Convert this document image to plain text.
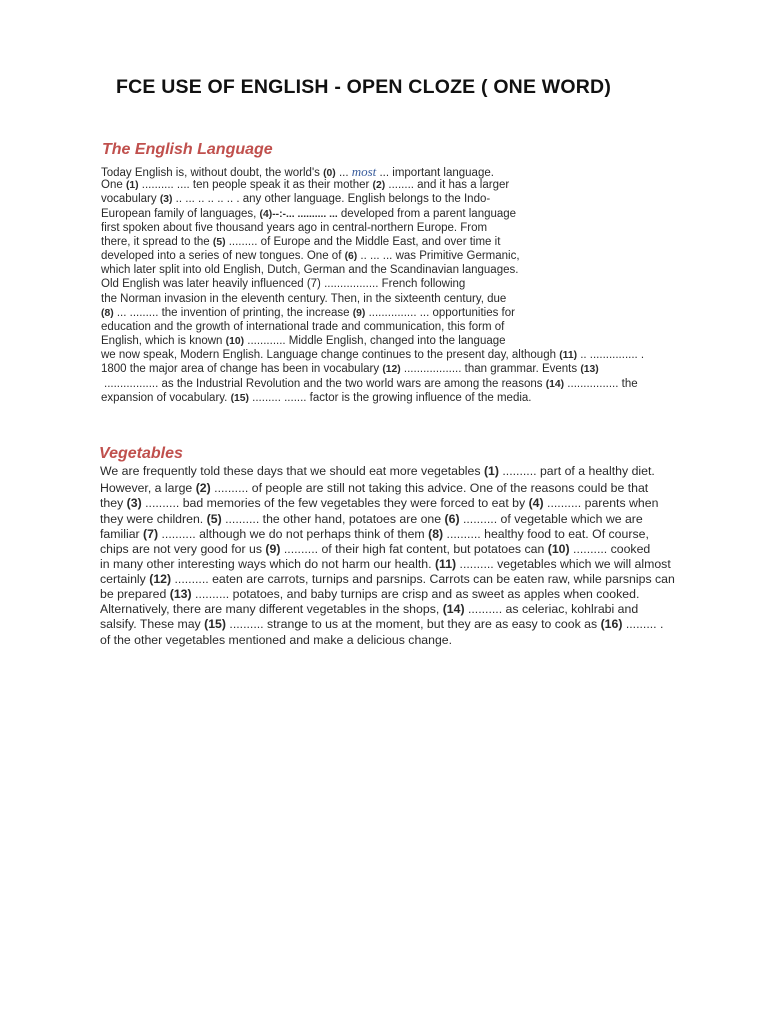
FCE USE OF ENGLISH - OPEN CLOZE ( ONE WORD)
The English Language
Today English is, without doubt, the world's (0) ... most ... important language.
One (1) .......... .... ten people speak it as their mother (2) ........ and it has a larger
vocabulary (3) .. ... .. .. .. .. . any other language. English belongs to the Indo-
European family of languages, (4)--:-... .......... ... developed from a parent language
first spoken about five thousand years ago in central-northern Europe. From
there, it spread to the (5) ......... of Europe and the Middle East, and over time it
developed into a series of new tongues. One of (6) .. ... ... was Primitive Germanic,
which later split into old English, Dutch, German and the Scandinavian languages.
Old English was later heavily influenced (7) ................. French following
the Norman invasion in the eleventh century. Then, in the sixteenth century, due
(8) ... ......... the invention of printing, the increase (9) ............... ... opportunities for
education and the growth of international trade and communication, this form of
English, which is known (10) ............ Middle English, changed into the language
we now speak, Modern English. Language change continues to the present day, although (11) .. ............... .
1800 the major area of change has been in vocabulary (12) .................. than grammar. Events (13)
................. as the Industrial Revolution and the two world wars are among the reasons (14) ................ the
expansion of vocabulary. (15) ......... ....... factor is the growing influence of the media.
Vegetables
We are frequently told these days that we should eat more vegetables (1) .......... part of a healthy diet.
However, a large (2) .......... of people are still not taking this advice. One of the reasons could be that
they (3) .......... bad memories of the few vegetables they were forced to eat by (4) .......... parents when
they were children. (5) .......... the other hand, potatoes are one (6) .......... of vegetable which we are
familiar (7) .......... although we do not perhaps think of them (8) .......... healthy food to eat. Of course,
chips are not very good for us (9) .......... of their high fat content, but potatoes can (10) .......... cooked
in many other interesting ways which do not harm our health. (11) .......... vegetables which we will almost
certainly (12) .......... eaten are carrots, turnips and parsnips. Carrots can be eaten raw, while parsnips can
be prepared (13) .......... potatoes, and baby turnips are crisp and as sweet as apples when cooked.
Alternatively, there are many different vegetables in the shops, (14) .......... as celeriac, kohlrabi and
salsify. These may (15) .......... strange to us at the moment, but they are as easy to cook as (16) ......... .
of the other vegetables mentioned and make a delicious change.
